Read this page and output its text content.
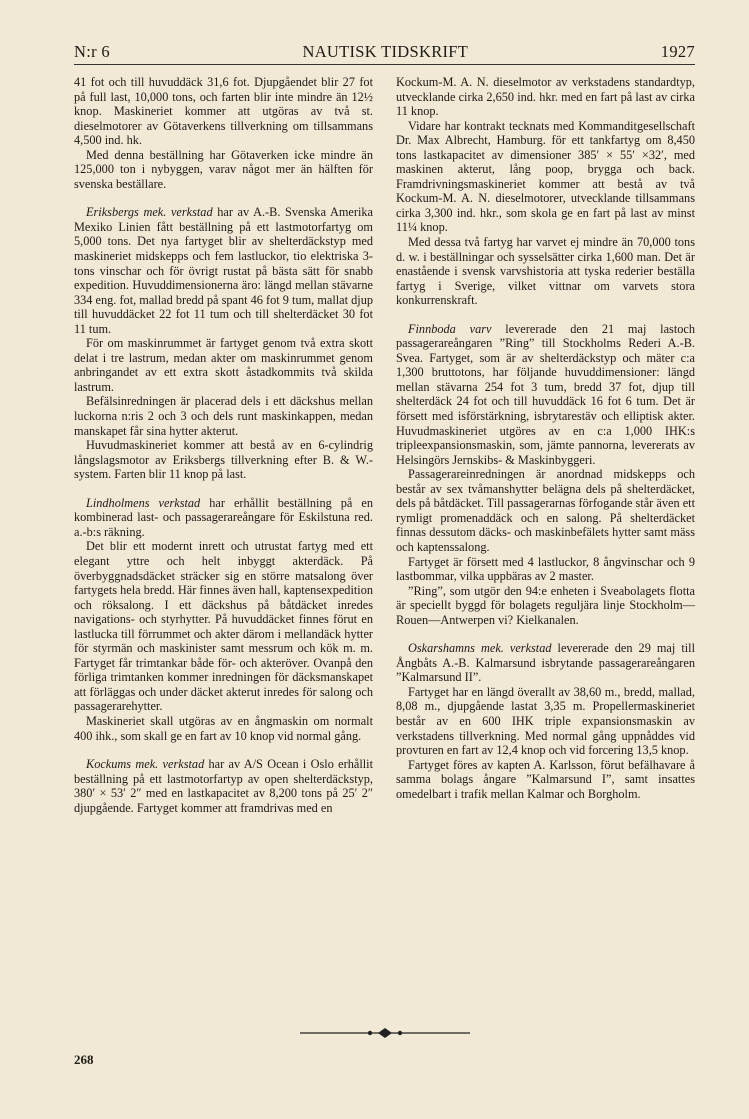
N:r 6	NAUTISK TIDSKRIFT	1927

41 fot och till huvuddäck 31,6 fot. Djupgåendet blir 27 fot på full last, 10,000 tons, och farten blir inte mindre än 12½ knop. Maskineriet kommer att utgöras av två st. dieselmotorer av Götaverkens tillverkning om tillsammans 4,500 ind. hk.

Med denna beställning har Götaverken icke mindre än 125,000 ton i nybyggen, varav något mer än hälften för svenska beställare.

Eriksbergs mek. verkstad har av A.-B. Svenska Amerika Mexiko Linien fått beställning på ett lastmotorfartyg om 5,000 tons. Det nya fartyget blir av shelterdäckstyp med maskineriet midskepps och fem lastluckor, tio elektriska 3-tons vinschar och för övrigt rustat på bästa sätt för snabb expedition. Huvuddimensionerna äro: längd mellan stävarne 334 eng. fot, mallad bredd på spant 46 fot 9 tum, mallat djup till huvuddäcket 22 fot 11 tum och till shelterdäcket 30 fot 11 tum.

För om maskinrummet är fartyget genom två extra skott delat i tre lastrum, medan akter om maskinrummet genom anbringandet av ett extra skott åstadkommits två skilda lastrum.

Befälsinredningen är placerad dels i ett däckshus mellan luckorna n:ris 2 och 3 och dels runt maskinkappen, medan manskapet får sina hytter akterut.

Huvudmaskineriet kommer att bestå av en 6-cylindrig långslagsmotor av Eriksbergs tillverkning efter B. & W.-system. Farten blir 11 knop på last.

Lindholmens verkstad har erhållit beställning på en kombinerad last- och passagerareångare för Eskilstuna red. a.-b:s räkning.

Det blir ett modernt inrett och utrustat fartyg med ett elegant yttre och helt inbyggt akterdäck. På överbyggnadsdäcket sträcker sig en större matsalong över fartygets hela bredd. Här finnes även hall, kaptensexpedition och röksalong. I ett däckshus på båtdäcket inredes navigations- och styrhytter. På huvuddäcket finnes förut en lastlucka till förrummet och akter därom i mellandäck hytter för styrmän och maskinister samt messrum och kök m. m. Fartyget får trimtankar både för- och akteröver. Ovanpå den förliga trimtanken kommer inredningen för däcksmanskapet att förläggas och under däcket akterut inredes för salong och passagerarehytter.

Maskineriet skall utgöras av en ångmaskin om normalt 400 ihk., som skall ge en fart av 10 knop vid normal gång.

Kockums mek. verkstad har av A/S Ocean i Oslo erhållit beställning på ett lastmotorfartyp av open shelterdäckstyp, 380′ × 53′ 2″ med en lastkapacitet av 8,200 tons på 25′ 2″ djupgående. Fartyget kommer att framdrivas med en

Kockum-M. A. N. dieselmotor av verkstadens standardtyp, utvecklande cirka 2,650 ind. hkr. med en fart på last av cirka 11 knop.

Vidare har kontrakt tecknats med Kommanditgesellschaft Dr. Max Albrecht, Hamburg. för ett tankfartyg om 8,450 tons lastkapacitet av dimensioner 385′ × 55′ ×32′, med maskinen akterut, lång poop, brygga och back. Framdrivningsmaskineriet kommer att bestå av två Kockum-M. A. N. dieselmotorer, utvecklande tillsammans cirka 3,300 ind. hkr., som skola ge en fart på last av minst 11¼ knop.

Med dessa två fartyg har varvet ej mindre än 70,000 tons d. w. i beställningar och sysselsätter cirka 1,600 man. Det är enastående i svensk varvshistoria att tyska rederier beställa fartyg i Sverige, vilket vittnar om varvets stora konkurrenskraft.

Finnboda varv levererade den 21 maj lastoch passagerareångaren ”Ring” till Stockholms Rederi A.-B. Svea. Fartyget, som är av shelterdäckstyp och mäter c:a 1,300 bruttotons, har följande huvuddimensioner: längd mellan stävarna 254 fot 3 tum, bredd 37 fot, djup till shelterdäck 24 fot och till huvuddäck 16 fot 6 tum. Det är försett med isförstärkning, isbrytarestäv och elliptisk akter. Huvudmaskineriet utgöres av en c:a 1,000 IHK:s tripleexpansionsmaskin, som, jämte pannorna, levererats av Helsingörs Jernskibs- & Maskinbyggeri.

Passagerareinredningen är anordnad midskepps och består av sex tvåmanshytter belägna dels på shelterdäcket, dels på båtdäcket. Till passagerarnas förfogande står även ett rymligt promenaddäck och en salong. På shelterdäcket finnas dessutom däcks- och maskinbefälets hytter samt mäss och kaptenssalong.

Fartyget är försett med 4 lastluckor, 8 ångvinschar och 9 lastbommar, vilka uppbäras av 2 master.

”Ring”, som utgör den 94:e enheten i Sveabolagets flotta är speciellt byggd för bolagets reguljära linje Stockholm—Rouen—Antwerpen vi? Kielkanalen.

Oskarshamns mek. verkstad levererade den 29 maj till Ångbåts A.-B. Kalmarsund isbrytande passagerareångaren ”Kalmarsund II”.

Fartyget har en längd överallt av 38,60 m., bredd, mallad, 8,08 m., djupgående lastat 3,35 m. Propellermaskineriet består av en 600 IHK triple expansionsmaskin av verkstadens tillverkning. Med normal gång uppnåddes vid provturen en fart av 12,4 knop och vid forcering 13,5 knop.

Fartyget föres av kapten A. Karlsson, förut befälhavare å samma bolags ångare ”Kalmarsund I”, samt insattes omedelbart i trafik mellan Kalmar och Borgholm.

268
